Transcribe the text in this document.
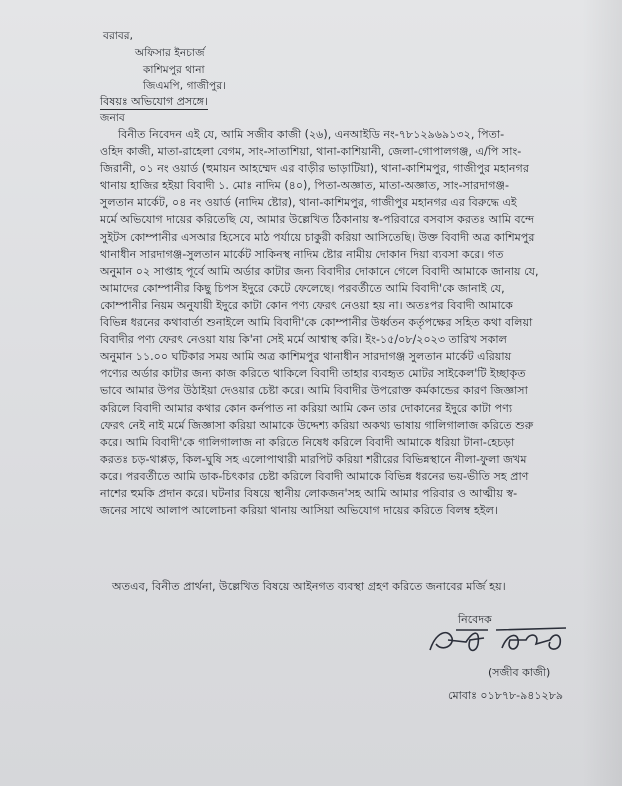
বরাবর,
অফিসার ইনচার্জ
কাশিমপুর থানা
জিএমপি, গাজীপুর।
বিষয়ঃ অভিযোগ প্রসঙ্গে।
জনাব
বিনীত নিবেদন এই যে, আমি সজীব কাজী (২৬), এনআইডি নং-৭৮১২৯৬৯১৩২, পিতা-
ওহিদ কাজী, মাতা-রাহেলা বেগম, সাং-সাতাশিয়া, থানা-কাশিয়ানী, জেলা-গোপালগঞ্জ, এ/পি সাং-
জিরানী, ০১ নং ওয়ার্ড (হুমায়ন আহম্মেদ এর বাড়ীর ভাড়াটিয়া), থানা-কাশিমপুর, গাজীপুর মহানগর
থানায় হাজির হইয়া বিবাদী ১. মোঃ নাদিম (৪০), পিতা-অজ্ঞাত, মাতা-অজ্ঞাত, সাং-সারদাগঞ্জ-
সুলতান মার্কেট, ০৪ নং ওয়ার্ড (নাদিম ষ্টোর), থানা-কাশিমপুর, গাজীপুর মহানগর এর বিরুদ্ধে এই
মর্মে অভিযোগ দায়ের করিতেছি যে, আমার উল্লেখিত ঠিকানায় স্ব-পরিবারে বসবাস করতঃ আমি বন্দে
সুইটস কোম্পানীর এসআর হিসেবে মাঠ পর্যায়ে চাকুরী করিয়া আসিতেছি। উক্ত বিবাদী অত্র কাশিমপুর
থানাধীন সারদাগঞ্জ-সুলতান মার্কেট সাকিনস্থ নাদিম ষ্টোর নামীয় দোকান দিয়া ব্যবসা করে। গত
অনুমান ০২ সাপ্তাহ পূর্বে আমি অর্ডার কাটার জন্য বিবাদীর দোকানে গেলে বিবাদী আমাকে জানায় যে,
আমাদের কোম্পানীর কিছু চিপস ইদুরে কেটে ফেলেছে। পরবর্তীতে আমি বিবাদী'কে জানাই যে,
কোম্পানীর নিয়ম অনুযায়ী ইদুরে কাটা কোন পণ্য ফেরৎ নেওয়া হয় না। অতঃপর বিবাদী আমাকে
বিভিন্ন ধরনের কথাবার্তা শুনাইলে আমি বিবাদী'কে কোম্পানীর উর্ধ্বতন কর্তৃপক্ষের সহিত কথা বলিয়া
বিবাদীর পণ্য ফেরৎ নেওয়া যায় কি'না সেই মর্মে আশ্বাস্থ করি। ইং-১৫/০৮/২০২৩ তারিখ সকাল
অনুমান ১১.০০ ঘটিকার সময় আমি অত্র কাশিমপুর থানাধীন সারদাগঞ্জ সুলতান মার্কেট এরিয়ায়
পণ্যের অর্ডার কাটার জন্য কাজ করিতে থাকিলে বিবাদী তাহার ব্যবহৃত মোটর সাইকেল'টি ইচ্ছাকৃত
ভাবে আমার উপর উঠাইয়া দেওয়ার চেষ্টা করে। আমি বিবাদীর উপরোক্ত কর্মকান্ডের কারণ জিজ্ঞাসা
করিলে বিবাদী আমার কথার কোন কর্নপাত না করিয়া আমি কেন তার দোকানের ইদুরে কাটা পণ্য
ফেরৎ নেই নাই মর্মে জিজ্ঞাসা করিয়া আমাকে উদ্দেশ্য করিয়া অকথ্য ভাষায় গালিগালাজ করিতে শুরু
করে। আমি বিবাদী'কে গালিগালাজ না করিতে নিষেধ করিলে বিবাদী আমাকে ধরিয়া টানা-হেচড়া
করতঃ চড়-থাপ্পড়, কিল-ঘুষি সহ এলোপাথারী মারপিট করিয়া শরীরের বিভিন্নস্থানে নীলা-ফুলা জখম
করে। পরবর্তীতে আমি ডাক-চিৎকার চেষ্টা করিলে বিবাদী আমাকে বিভিন্ন ধরনের ভয়-ভীতি সহ প্রাণ
নাশের হুমকি প্রদান করে। ঘটনার বিষয়ে স্থানীয় লোকজন'সহ আমি আমার পরিবার ও আত্মীয় স্ব-
জনের সাথে আলাপ আলোচনা করিয়া থানায় আসিয়া অভিযোগ দায়ের করিতে বিলম্ব হইল।
অতএব, বিনীত প্রার্থনা, উল্লেখিত বিষয়ে আইনগত ব্যবস্থা গ্রহণ করিতে জনাবের মর্জি হয়।
নিবেদক
(সজীব কাজী)
মোবাঃ ০১৮৭৮-৯৪১২৮৯
